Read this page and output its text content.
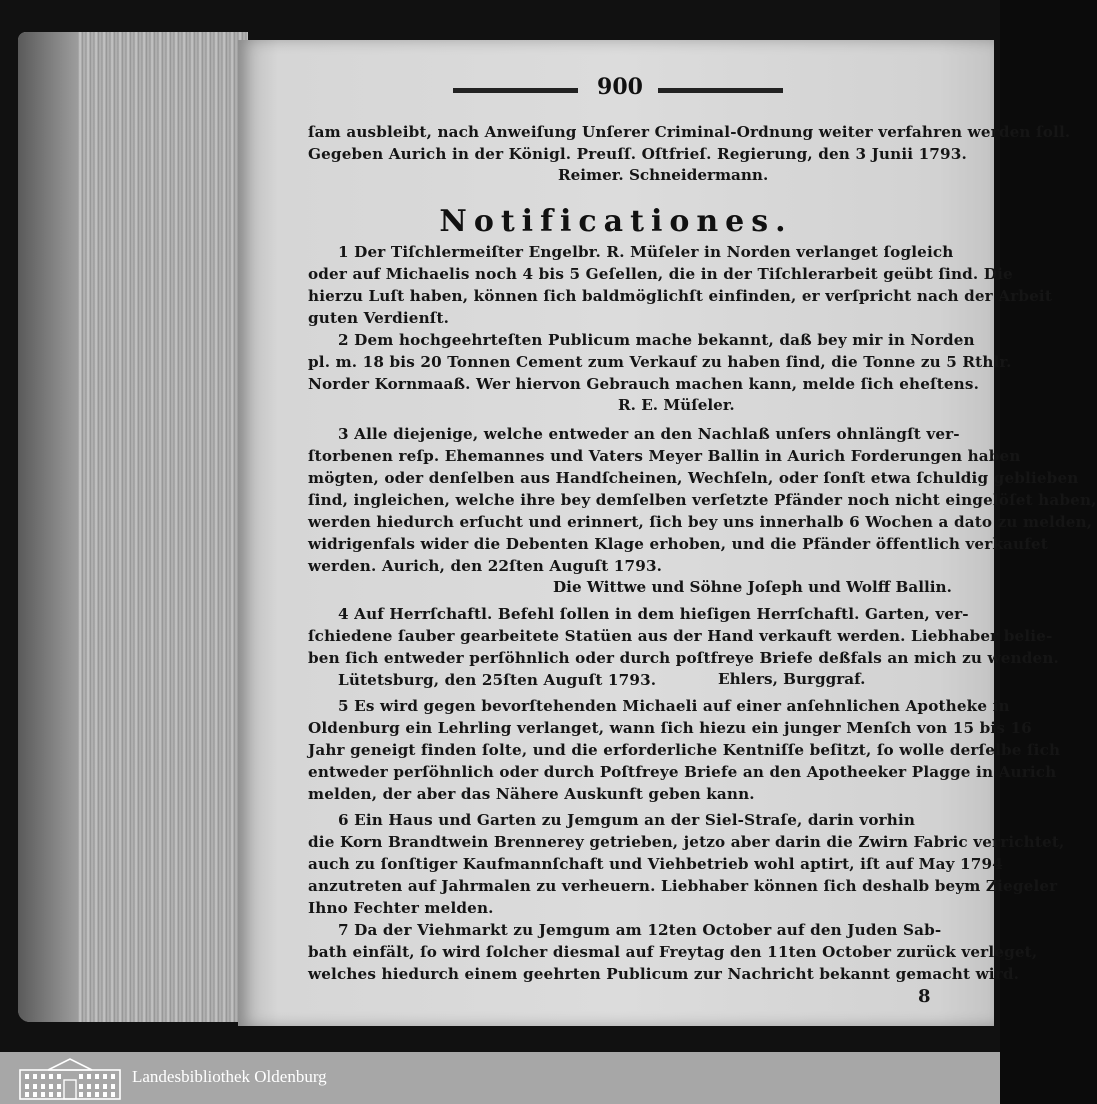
900
ſam ausbleibt, nach Anweiſung Unſerer Criminal-Ordnung weiter verfahren werden ſoll.
Gegeben Aurich in der Königl. Preuſſ. Oſtfrieſ. Regierung, den 3 Junii 1793.
Reimer. Schneidermann.
Notificationes.
1 Der Tiſchlermeiſter Engelbr. R. Müſeler in Norden verlanget ſogleich
oder auf Michaelis noch 4 bis 5 Geſellen, die in der Tiſchlerarbeit geübt ſind. Die
hierzu Luſt haben, können ſich baldmöglichſt einfinden, er verſpricht nach der Arbeit
guten Verdienſt.
2 Dem hochgeehrteſten Publicum mache bekannt, daß bey mir in Norden
pl. m. 18 bis 20 Tonnen Cement zum Verkauf zu haben ſind, die Tonne zu 5 Rthlr.
Norder Kornmaaß. Wer hiervon Gebrauch machen kann, melde ſich eheſtens.
R. E. Müſeler.
3 Alle diejenige, welche entweder an den Nachlaß unſers ohnlängſt ver-
ſtorbenen reſp. Ehemannes und Vaters Meyer Ballin in Aurich Forderungen haben
mögten, oder denſelben aus Handſcheinen, Wechſeln, oder ſonſt etwa ſchuldig geblieben
ſind, ingleichen, welche ihre bey demſelben verſetzte Pfänder noch nicht eingelöſet haben,
werden hiedurch erſucht und erinnert, ſich bey uns innerhalb 6 Wochen a dato zu melden,
widrigenfals wider die Debenten Klage erhoben, und die Pfänder öffentlich verkaufet
werden. Aurich, den 22ſten Auguſt 1793.
Die Wittwe und Söhne Joſeph und Wolff Ballin.
4 Auf Herrſchaftl. Befehl ſollen in dem hieſigen Herrſchaftl. Garten, ver-
ſchiedene ſauber gearbeitete Statüen aus der Hand verkauft werden. Liebhaber belie-
ben ſich entweder perſöhnlich oder durch poſtfreye Briefe deßfals an mich zu wenden.
Lütetsburg, den 25ſten Auguſt 1793.	Ehlers, Burggraf.
5 Es wird gegen bevorſtehenden Michaeli auf einer anſehnlichen Apotheke in
Oldenburg ein Lehrling verlanget, wann ſich hiezu ein junger Menſch von 15 bis 16
Jahr geneigt finden ſolte, und die erforderliche Kentniſſe beſitzt, ſo wolle derſelbe ſich
entweder perſöhnlich oder durch Poſtfreye Briefe an den Apotheeker Plagge in Aurich
melden, der aber das Nähere Auskunft geben kann.
6 Ein Haus und Garten zu Jemgum an der Siel-Straſe, darin vorhin
die Korn Brandtwein Brennerey getrieben, jetzo aber darin die Zwirn Fabric verrichtet,
auch zu ſonſtiger Kaufmannſchaft und Viehbetrieb wohl aptirt, iſt auf May 1794
anzutreten auf Jahrmalen zu verheuern. Liebhaber können ſich deshalb beym Ziegeler
Ihno Fechter melden.
7 Da der Viehmarkt zu Jemgum am 12ten October auf den Juden Sab-
bath einfält, ſo wird ſolcher diesmal auf Freytag den 11ten October zurück verleget,
welches hiedurch einem geehrten Publicum zur Nachricht bekannt gemacht wird.
8
Landesbibliothek Oldenburg
